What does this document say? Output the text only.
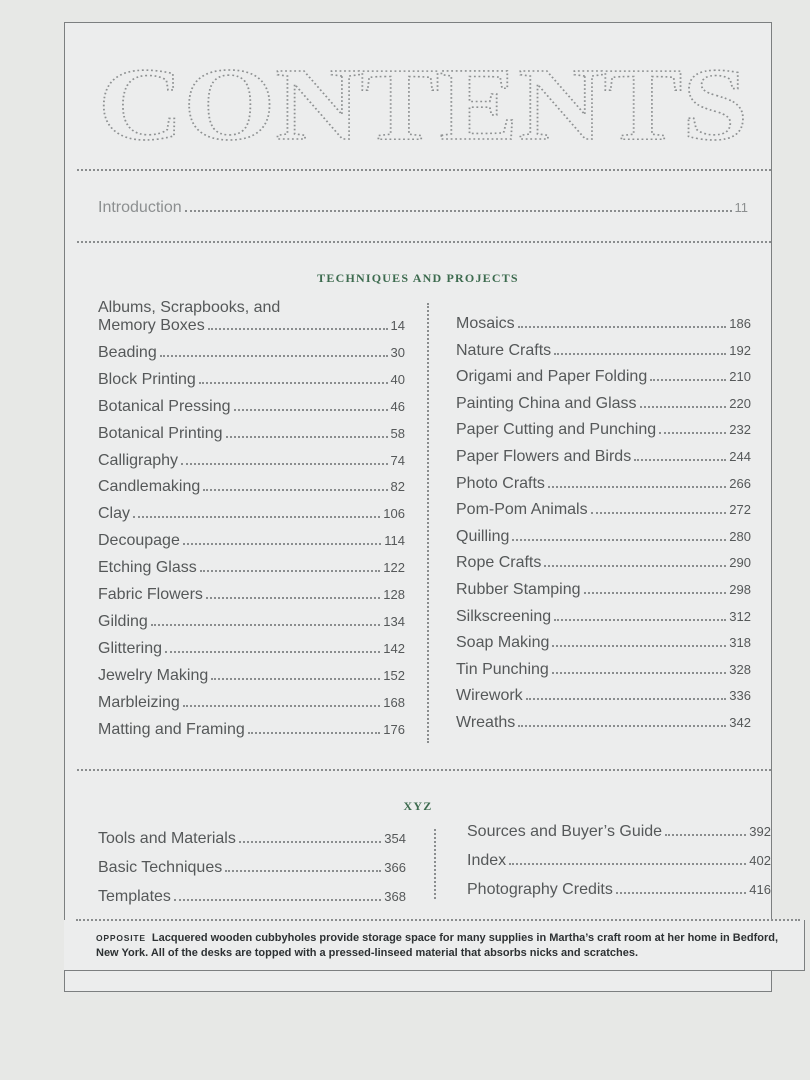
CONTENTS
Introduction	11
TECHNIQUES AND PROJECTS
Albums, Scrapbooks, and
XYZ
Memory Boxes	14
Beading	30
Block Printing	40
Botanical Pressing	46
Botanical Printing	58
Calligraphy	74
Candlemaking	82
Clay	106
Decoupage	114
Etching Glass	122
Fabric Flowers	128
Gilding	134
Glittering	142
Jewelry Making	152
Marbleizing	168
Matting and Framing	176
Mosaics	186
Nature Crafts	192
Origami and Paper Folding	210
Painting China and Glass	220
Paper Cutting and Punching	232
Paper Flowers and Birds	244
Photo Crafts	266
Pom-Pom Animals	272
Quilling	280
Rope Crafts	290
Rubber Stamping	298
Silkscreening	312
Soap Making	318
Tin Punching	328
Wirework	336
Wreaths	342
Tools and Materials	354
Basic Techniques	366
Templates	368
Sources and Buyer’s Guide	392
Index	402
Photography Credits	416
OPPOSITE Lacquered wooden cubbyholes provide storage space for many supplies in Martha’s craft room at her home in Bedford, New York. All of the desks are topped with a pressed-linseed material that absorbs nicks and scratches.
